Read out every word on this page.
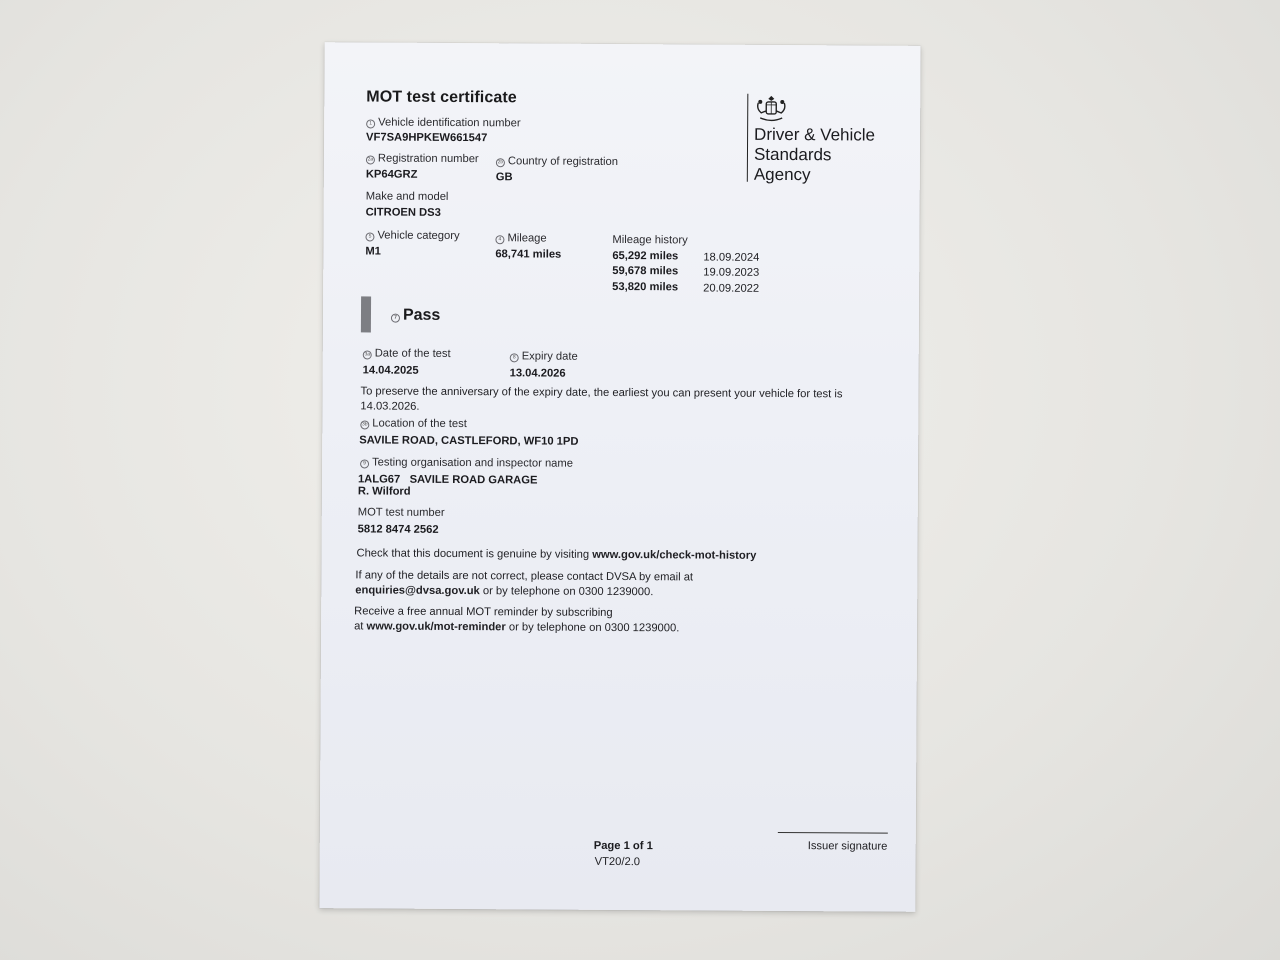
MOT test certificate
Driver & Vehicle
Standards
Agency
1 Vehicle identification number
VF7SA9HPKEW661547
2a Registration number
KP64GRZ
2b Country of registration
GB
Make and model
CITROEN DS3
5 Vehicle category
M1
4 Mileage
68,741 miles
Mileage history
65,292 miles 18.09.2024
59,678 miles 19.09.2023
53,820 miles 20.09.2022
7 Pass
3a Date of the test
14.04.2025
8 Expiry date
13.04.2026
To preserve the anniversary of the expiry date, the earliest you can present your vehicle for test is
14.03.2026.
3b Location of the test
SAVILE ROAD, CASTLEFORD, WF10 1PD
9 Testing organisation and inspector name
1ALG67 SAVILE ROAD GARAGE
R. Wilford
MOT test number
5812 8474 2562
Check that this document is genuine by visiting www.gov.uk/check-mot-history
If any of the details are not correct, please contact DVSA by email at
enquiries@dvsa.gov.uk or by telephone on 0300 1239000.
Receive a free annual MOT reminder by subscribing
at www.gov.uk/mot-reminder or by telephone on 0300 1239000.
Page 1 of 1
VT20/2.0
Issuer signature
